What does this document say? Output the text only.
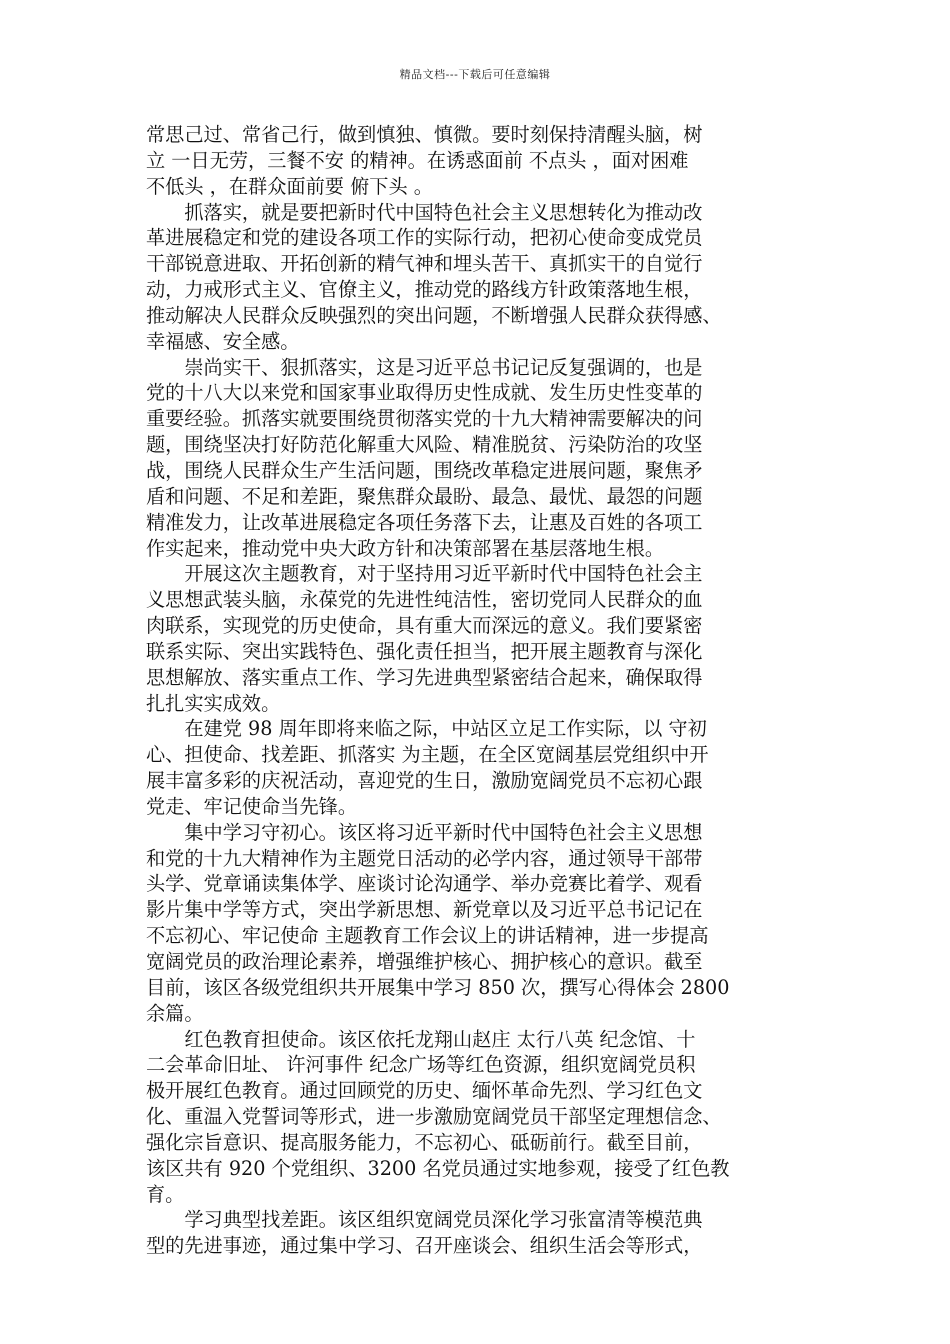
精品文档---下载后可任意编辑
常思己过、常省己行，做到慎独、慎微。要时刻保持清醒头脑，树
立 一日无劳，三餐不安 的精神。在诱惑面前 不点头 ，面对困难
不低头 ，在群众面前要 俯下头 。
　　抓落实，就是要把新时代中国特色社会主义思想转化为推动改
革进展稳定和党的建设各项工作的实际行动，把初心使命变成党员
干部锐意进取、开拓创新的精气神和埋头苦干、真抓实干的自觉行
动，力戒形式主义、官僚主义，推动党的路线方针政策落地生根，
推动解决人民群众反映强烈的突出问题，不断增强人民群众获得感、
幸福感、安全感。
　　崇尚实干、狠抓落实，这是习近平总书记记反复强调的，也是
党的十八大以来党和国家事业取得历史性成就、发生历史性变革的
重要经验。抓落实就要围绕贯彻落实党的十九大精神需要解决的问
题，围绕坚决打好防范化解重大风险、精准脱贫、污染防治的攻坚
战，围绕人民群众生产生活问题，围绕改革稳定进展问题，聚焦矛
盾和问题、不足和差距，聚焦群众最盼、最急、最忧、最怨的问题
精准发力，让改革进展稳定各项任务落下去，让惠及百姓的各项工
作实起来，推动党中央大政方针和决策部署在基层落地生根。
　　开展这次主题教育，对于坚持用习近平新时代中国特色社会主
义思想武装头脑，永葆党的先进性纯洁性，密切党同人民群众的血
肉联系，实现党的历史使命，具有重大而深远的意义。我们要紧密
联系实际、突出实践特色、强化责任担当，把开展主题教育与深化
思想解放、落实重点工作、学习先进典型紧密结合起来，确保取得
扎扎实实成效。
　　在建党 98 周年即将来临之际，中站区立足工作实际，以 守初
心、担使命、找差距、抓落实 为主题，在全区宽阔基层党组织中开
展丰富多彩的庆祝活动，喜迎党的生日，激励宽阔党员不忘初心跟
党走、牢记使命当先锋。
　　集中学习守初心。该区将习近平新时代中国特色社会主义思想
和党的十九大精神作为主题党日活动的必学内容，通过领导干部带
头学、党章诵读集体学、座谈讨论沟通学、举办竞赛比着学、观看
影片集中学等方式，突出学新思想、新党章以及习近平总书记记在
不忘初心、牢记使命 主题教育工作会议上的讲话精神，进一步提高
宽阔党员的政治理论素养，增强维护核心、拥护核心的意识。截至
目前，该区各级党组织共开展集中学习 850 次，撰写心得体会 2800
余篇。
　　红色教育担使命。该区依托龙翔山赵庄 太行八英 纪念馆、十
二会革命旧址、 许河事件 纪念广场等红色资源，组织宽阔党员积
极开展红色教育。通过回顾党的历史、缅怀革命先烈、学习红色文
化、重温入党誓词等形式，进一步激励宽阔党员干部坚定理想信念、
强化宗旨意识、提高服务能力，不忘初心、砥砺前行。截至目前，
该区共有 920 个党组织、3200 名党员通过实地参观，接受了红色教
育。
　　学习典型找差距。该区组织宽阔党员深化学习张富清等模范典
型的先进事迹，通过集中学习、召开座谈会、组织生活会等形式，
